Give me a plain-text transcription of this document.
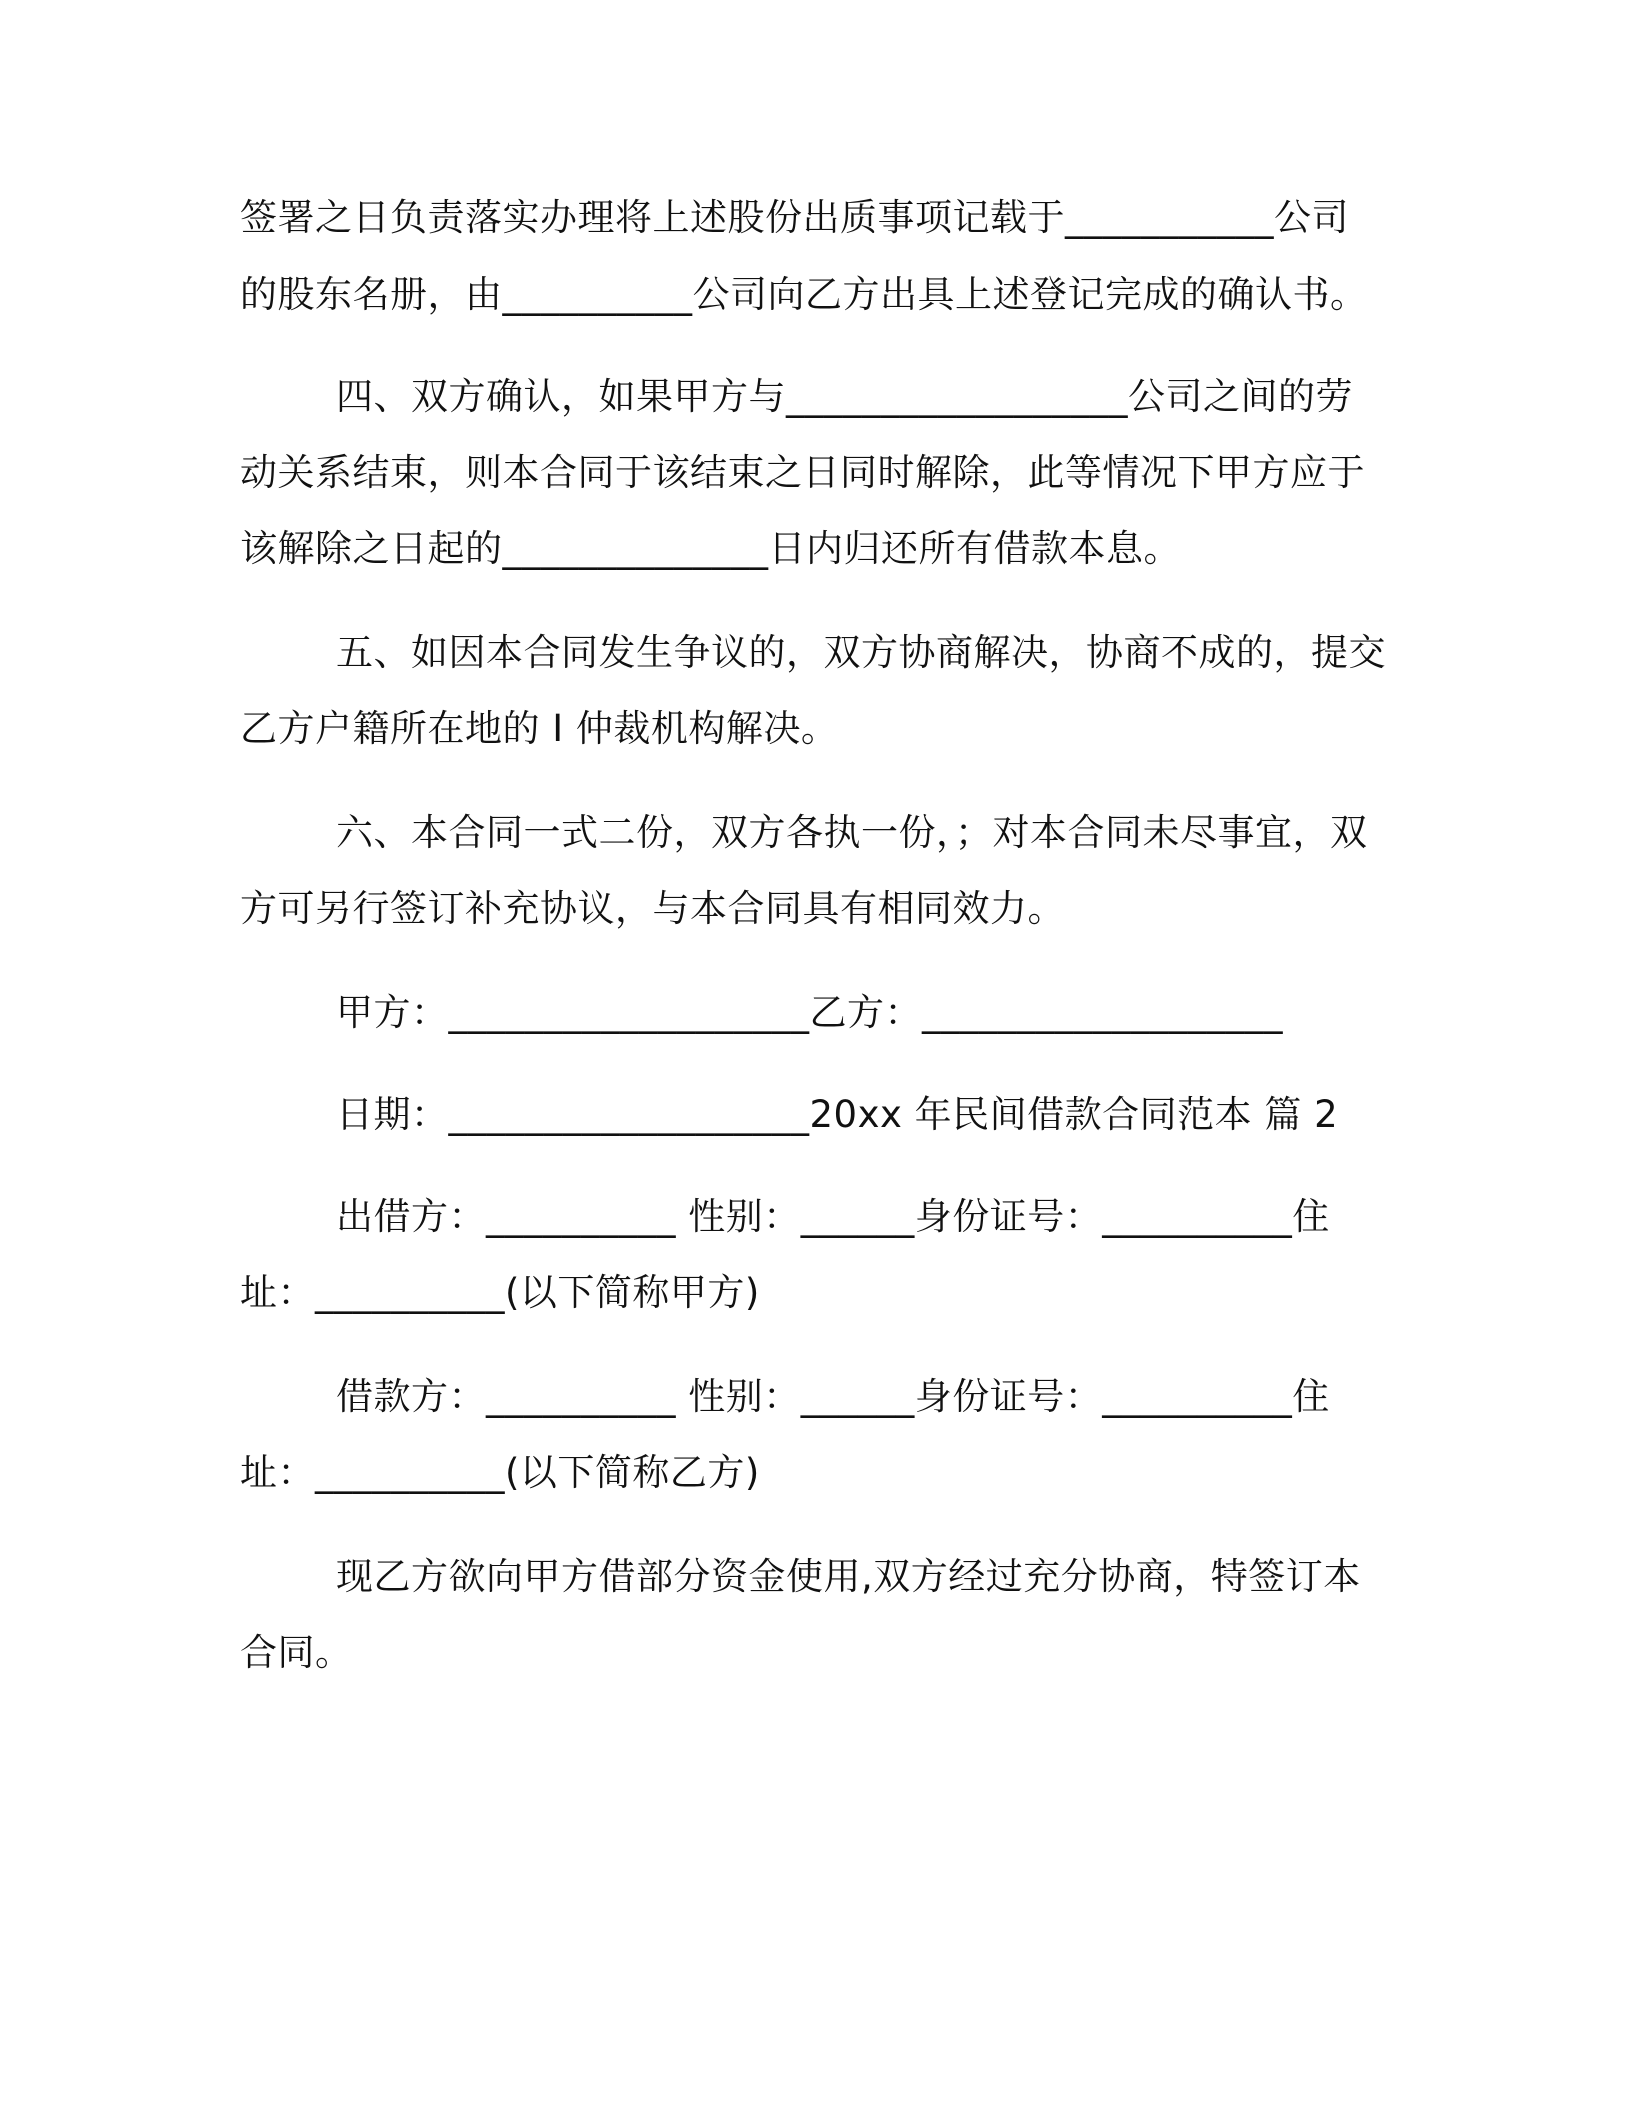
签署之日负责落实办理将上述股份出质事项记载于___________公司
的股东名册，由__________公司向乙方出具上述登记完成的确认书。
四、双方确认，如果甲方与__________________公司之间的劳
动关系结束，则本合同于该结束之日同时解除，此等情况下甲方应于
该解除之日起的______________日内归还所有借款本息。
五、如因本合同发生争议的，双方协商解决，协商不成的，提交
乙方户籍所在地的 I 仲裁机构解决。
六、本合同一式二份，双方各执一份，；对本合同未尽事宜，双
方可另行签订补充协议，与本合同具有相同效力。
甲方：___________________乙方：___________________
日期：___________________20xx 年民间借款合同范本 篇 2
出借方：__________ 性别：______身份证号：__________住
址：__________(以下简称甲方)
借款方：__________ 性别：______身份证号：__________住
址：__________(以下简称乙方)
现乙方欲向甲方借部分资金使用,双方经过充分协商，特签订本
合同。
